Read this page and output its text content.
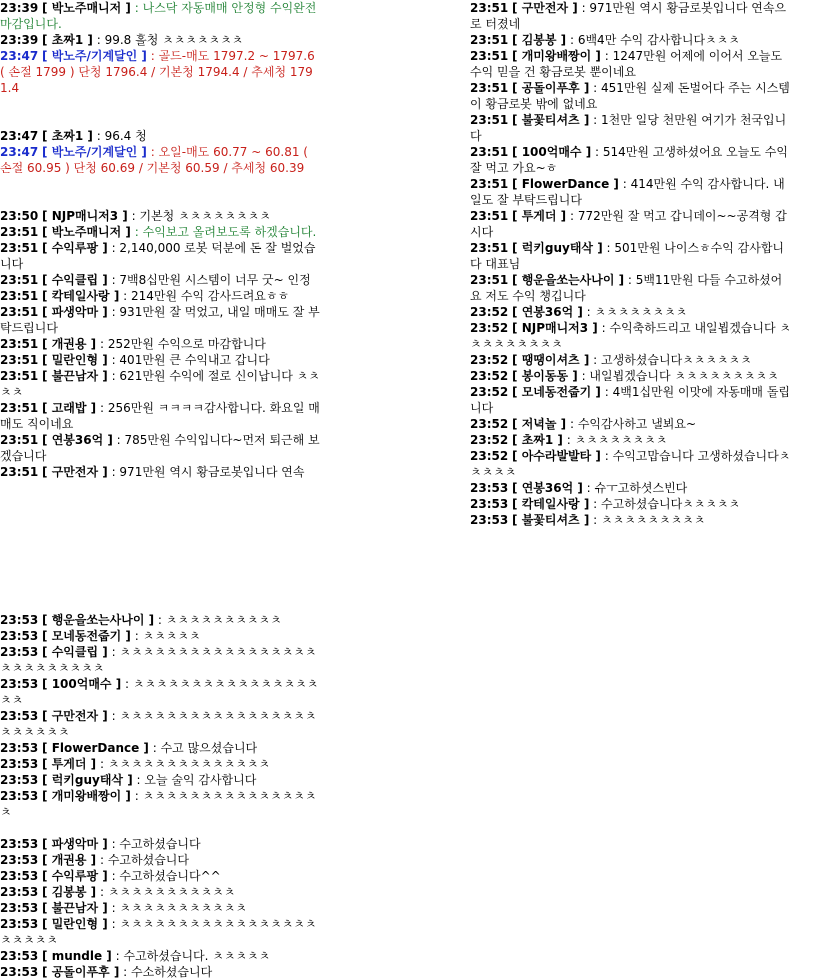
23:39 [ 박노주매니저 ] : 나스닥 자동매매 안정형 수익완전 마감입니다.
23:39 [ 초짜1 ] : 99.8 홀청 ㅊㅊㅊㅊㅊㅊㅊ
23:47 [ 박노주/기계달인 ] : 골드-매도 1797.2 ~ 1797.6 ( 손절 1799 ) 단청 1796.4 / 기본청 1794.4 / 추세청 1791.4
23:47 [ 초짜1 ] : 96.4 청
23:47 [ 박노주/기계달인 ] : 오일-매도 60.77 ~ 60.81 ( 손절 60.95 ) 단청 60.69 / 기본청 60.59 / 추세청 60.39
23:50 [ NJP매니저3 ] : 기본청 ㅊㅊㅊㅊㅊㅊㅊㅊ
23:51 [ 박노주매니저 ] : 수익보고 올려보도록 하겠습니다.
23:51 [ 수익루팡 ] : 2,140,000 로봇 덕분에 돈 잘 벌었습니다
23:51 [ 수익클립 ] : 7백8십만원 시스템이 너무 굿~ 인정
23:51 [ 칵테일사랑 ] : 214만원 수익 감사드려요ㅎㅎ
23:51 [ 파생악마 ] : 931만원 잘 먹었고, 내일 매매도 잘 부탁드립니다
23:51 [ 개권용 ] : 252만원 수익으로 마감합니다
23:51 [ 밀란인형 ] : 401만원 큰 수익내고 갑니다
23:51 [ 불끈남자 ] : 621만원 수익에 절로 신이납니다 ㅊㅊㅊㅊ
23:51 [ 고래밥 ] : 256만원 ㅋㅋㅋㅋ감사합니다. 화요일 매매도 직이네요
23:51 [ 연봉36억 ] : 785만원 수익입니다~먼저 퇴근해 보겠습니다
23:51 [ 구만전자 ] : 971만원 역시 황금로봇입니다 연속
23:51 [ 구만전자 ] : 971만원 역시 황금로봇입니다 연속으로 터졌네
23:51 [ 김봉봉 ] : 6백4만 수익 감사합니다ㅊㅊㅊ
23:51 [ 개미왕배짱이 ] : 1247만원 어제에 이어서 오늘도 수익 믿을 건 황금로봇 뿐이네요
23:51 [ 공돌이푸후 ] : 451만원 실제 돈벌어다 주는 시스템이 황금로봇 밖에 없네요
23:51 [ 불꽃티셔츠 ] : 1천만 일당 천만원 여기가 천국입니다
23:51 [ 100억매수 ] : 514만원 고생하셨어요 오늘도 수익 잘 먹고 가요~ㅎ
23:51 [ FlowerDance ] : 414만원 수익 감사합니다. 내일도 잘 부탁드립니다
23:51 [ 투게더 ] : 772만원 잘 먹고 갑니데이~~공격형 갑시다
23:51 [ 럭키guy태삭 ] : 501만원 나이스ㅎ수익 감사합니다 대표님
23:51 [ 행운을쏘는사나이 ] : 5백11만원 다들 수고하셨어요 저도 수익 챙깁니다
23:52 [ 연봉36억 ] : ㅊㅊㅊㅊㅊㅊㅊㅊ
23:52 [ NJP매니저3 ] : 수익축하드리고 내일뵙겠습니다 ㅊㅊㅊㅊㅊㅊㅊㅊㅊ
23:52 [ 땡땡이셔츠 ] : 고생하셨습니다ㅊㅊㅊㅊㅊㅊ
23:52 [ 봉이동동 ] : 내일뵙겠습니다 ㅊㅊㅊㅊㅊㅊㅊㅊㅊ
23:52 [ 모네동전줍기 ] : 4백1십만원 이맛에 자동매매 돌립니다
23:52 [ 저녁놀 ] : 수익감사하고 낼뵈요~
23:52 [ 초짜1 ] : ㅊㅊㅊㅊㅊㅊㅊㅊ
23:52 [ 아수라발발타 ] : 수익고맙습니다 고생하셨습니다ㅊㅊㅊㅊㅊ
23:53 [ 연봉36억 ] : 슈ㅜ고하셧스빈다
23:53 [ 칵테일사랑 ] : 수고하셨습니다ㅊㅊㅊㅊㅊ
23:53 [ 불꽃티셔츠 ] : ㅊㅊㅊㅊㅊㅊㅊㅊㅊ
23:53 [ 행운을쏘는사나이 ] : ㅊㅊㅊㅊㅊㅊㅊㅊㅊㅊ
23:53 [ 모네동전줍기 ] : ㅊㅊㅊㅊㅊ
23:53 [ 수익클립 ] : ㅊㅊㅊㅊㅊㅊㅊㅊㅊㅊㅊㅊㅊㅊㅊㅊㅊㅊㅊㅊㅊㅊㅊㅊㅊㅊ
23:53 [ 100억매수 ] : ㅊㅊㅊㅊㅊㅊㅊㅊㅊㅊㅊㅊㅊㅊㅊㅊㅊㅊ
23:53 [ 구만전자 ] : ㅊㅊㅊㅊㅊㅊㅊㅊㅊㅊㅊㅊㅊㅊㅊㅊㅊㅊㅊㅊㅊㅊㅊ
23:53 [ FlowerDance ] : 수고 많으셨습니다
23:53 [ 투게더 ] : ㅊㅊㅊㅊㅊㅊㅊㅊㅊㅊㅊㅊㅊㅊ
23:53 [ 럭키guy태삭 ] : 오늘 술익 감사합니다
23:53 [ 개미왕배짱이 ] : ㅊㅊㅊㅊㅊㅊㅊㅊㅊㅊㅊㅊㅊㅊㅊㅊ
23:53 [ 파생악마 ] : 수고하셨습니다
23:53 [ 개권용 ] : 수고하셨습니다
23:53 [ 수익루팡 ] : 수고하셨습니다^^
23:53 [ 김봉봉 ] : ㅊㅊㅊㅊㅊㅊㅊㅊㅊㅊㅊ
23:53 [ 불끈남자 ] : ㅊㅊㅊㅊㅊㅊㅊㅊㅊㅊㅊ
23:53 [ 밀란인형 ] : ㅊㅊㅊㅊㅊㅊㅊㅊㅊㅊㅊㅊㅊㅊㅊㅊㅊㅊㅊㅊㅊㅊ
23:53 [ mundle ] : 수고하셨습니다. ㅊㅊㅊㅊㅊ
23:53 [ 공돌이푸후 ] : 수소하셨습니다
